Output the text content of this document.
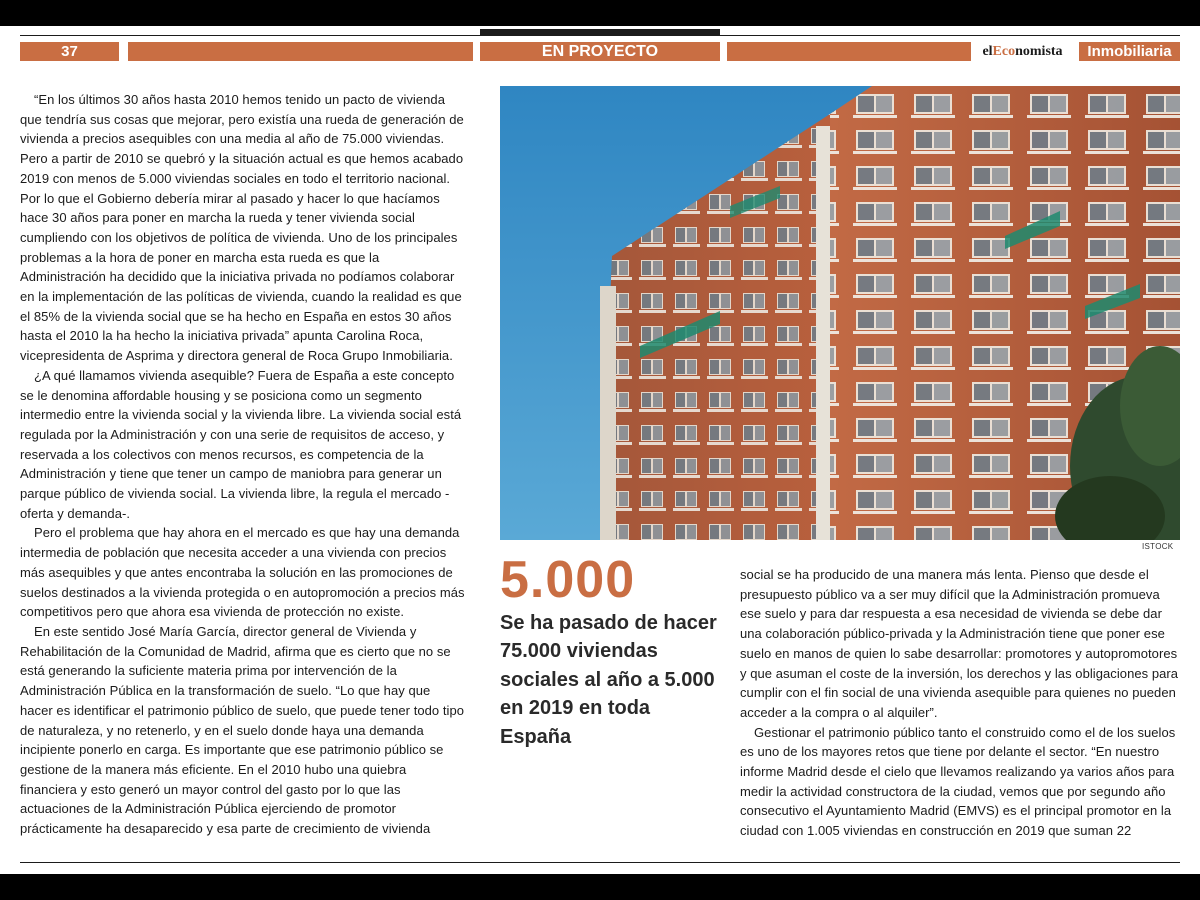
37	EN PROYECTO	elEconomista	Inmobiliaria

“En los últimos 30 años hasta 2010 hemos tenido un pacto de vivienda que tendría sus cosas que mejorar, pero existía una rueda de generación de vivienda a precios asequibles con una media al año de 75.000 viviendas. Pero a partir de 2010 se quebró y la situación actual es que hemos acabado 2019 con menos de 5.000 viviendas sociales en todo el territorio nacional. Por lo que el Gobierno debería mirar al pasado y hacer lo que hacíamos hace 30 años para poner en marcha la rueda y tener vivienda social cumpliendo con los objetivos de política de vivienda. Uno de los principales problemas a la hora de poner en marcha esta rueda es que la Administración ha decidido que la iniciativa privada no podíamos colaborar en la implementación de las políticas de vivienda, cuando la realidad es que el 85% de la vivienda social que se ha hecho en España en estos 30 años hasta el 2010 la ha hecho la iniciativa privada” apunta Carolina Roca, vicepresidenta de Asprima y directora general de Roca Grupo Inmobiliaria.

¿A qué llamamos vivienda asequible? Fuera de España a este concepto se le denomina affordable housing y se posiciona como un segmento intermedio entre la vivienda social y la vivienda libre. La vivienda social está regulada por la Administración y con una serie de requisitos de acceso, y reservada a los colectivos con menos recursos, es competencia de la Administración y tiene que tener un campo de maniobra para generar un parque público de vivienda social. La vivienda libre, la regula el mercado -oferta y demanda-.

Pero el problema que hay ahora en el mercado es que hay una demanda intermedia de población que necesita acceder a una vivienda con precios más asequibles y que antes encontraba la solución en las promociones de suelos destinados a la vivienda protegida o en autopromoción a precios más competitivos pero que ahora esa vivienda de protección no existe.

En este sentido José María García, director general de Vivienda y Rehabilitación de la Comunidad de Madrid, afirma que es cierto que no se está generando la suficiente materia prima por intervención de la Administración Pública en la transformación de suelo. “Lo que hay que hacer es identificar el patrimonio público de suelo, que puede tener todo tipo de naturaleza, y no retenerlo, y en el suelo donde haya una demanda incipiente ponerlo en carga. Es importante que ese patrimonio público se gestione de la manera más eficiente. En el 2010 hubo una quiebra financiera y esto generó un mayor control del gasto por lo que las actuaciones de la Administración Pública ejerciendo de promotor prácticamente ha desaparecido y esa parte de crecimiento de vivienda

ISTOCK
5.000
Se ha pasado de hacer 75.000 viviendas sociales al año a 5.000 en 2019 en toda España

social se ha producido de una manera más lenta. Pienso que desde el presupuesto público va a ser muy difícil que la Administración promueva ese suelo y para dar respuesta a esa necesidad de vivienda se debe dar una colaboración público-privada y la Administración tiene que poner ese suelo en manos de quien lo sabe desarrollar: promotores y autopromotores y que asuman el coste de la inversión, los derechos y las obligaciones para cumplir con el fin social de una vivienda asequible para quienes no pueden acceder a la compra o al alquiler”.

Gestionar el patrimonio público tanto el construido como el de los suelos es uno de los mayores retos que tiene por delante el sector. “En nuestro informe Madrid desde el cielo que llevamos realizando ya varios años para medir la actividad constructora de la ciudad, vemos que por segundo año consecutivo el Ayuntamiento Madrid (EMVS) es el principal promotor en la ciudad con 1.005 viviendas en construcción en 2019 que suman 22
